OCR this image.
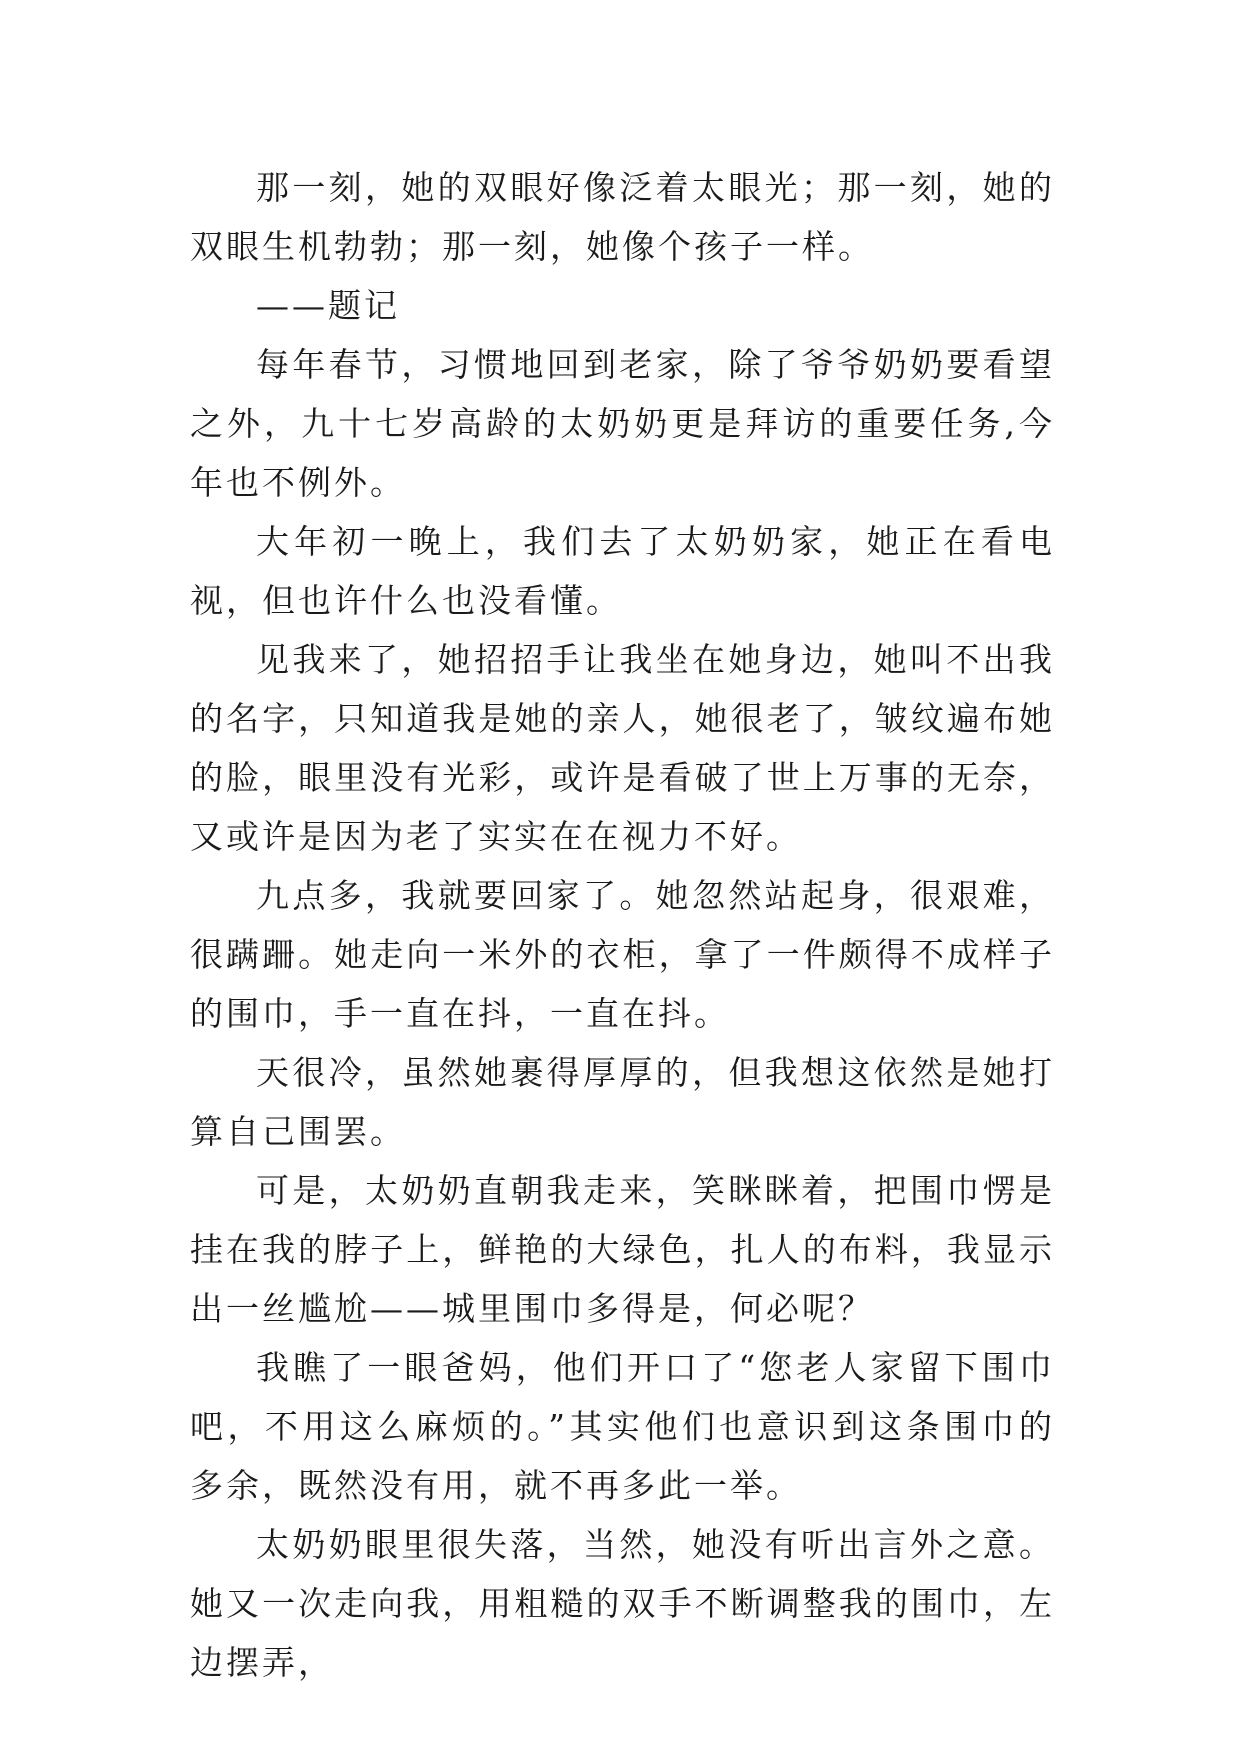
那一刻，她的双眼好像泛着太眼光；那一刻，她的双眼生机勃勃；那一刻，她像个孩子一样。

——题记

每年春节，习惯地回到老家，除了爷爷奶奶要看望之外，九十七岁高龄的太奶奶更是拜访的重要任务,今年也不例外。

大年初一晚上，我们去了太奶奶家，她正在看电视，但也许什么也没看懂。

见我来了，她招招手让我坐在她身边，她叫不出我的名字，只知道我是她的亲人，她很老了，皱纹遍布她的脸，眼里没有光彩，或许是看破了世上万事的无奈，又或许是因为老了实实在在视力不好。

九点多，我就要回家了。她忽然站起身，很艰难，很蹒跚。她走向一米外的衣柜，拿了一件颇得不成样子的围巾，手一直在抖，一直在抖。

天很冷，虽然她裹得厚厚的，但我想这依然是她打算自己围罢。

可是，太奶奶直朝我走来，笑眯眯着，把围巾愣是挂在我的脖子上，鲜艳的大绿色，扎人的布料，我显示出一丝尴尬——城里围巾多得是，何必呢？

我瞧了一眼爸妈，他们开口了“您老人家留下围巾吧，不用这么麻烦的。”其实他们也意识到这条围巾的多余，既然没有用，就不再多此一举。

太奶奶眼里很失落，当然，她没有听出言外之意。她又一次走向我，用粗糙的双手不断调整我的围巾，左边摆弄，
